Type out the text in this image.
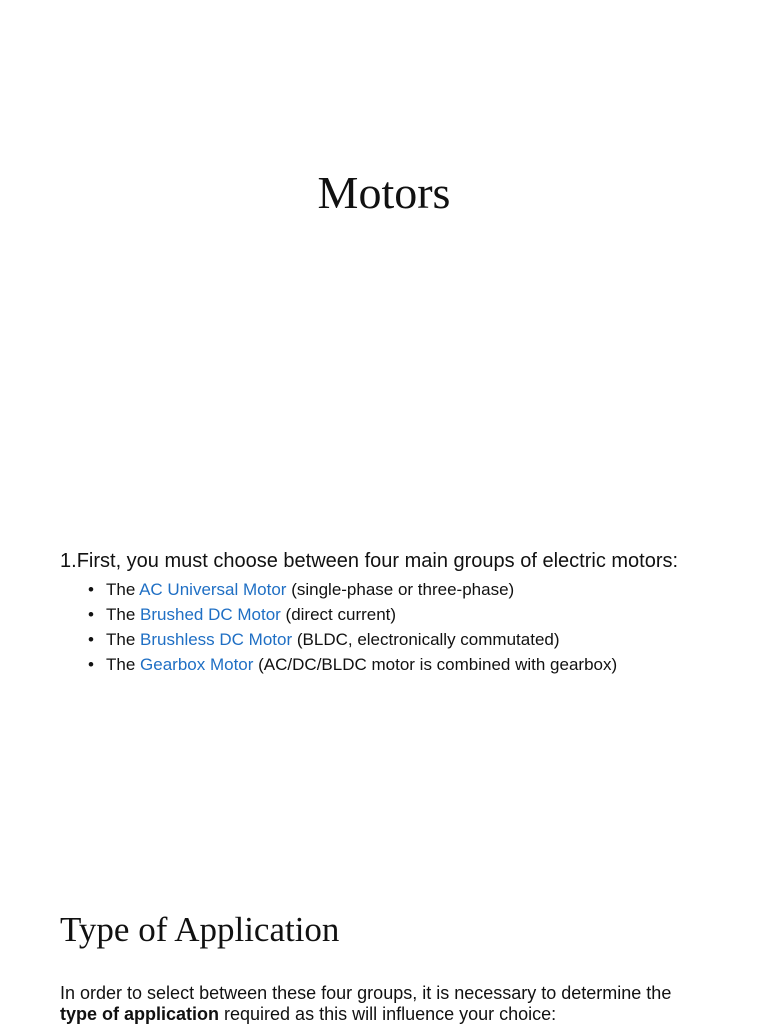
Motors

1.First, you must choose between four main groups of electric motors:

• The AC Universal Motor (single-phase or three-phase)
• The Brushed DC Motor (direct current)
• The Brushless DC Motor (BLDC, electronically commutated)
• The Gearbox Motor (AC/DC/BLDC motor is combined with gearbox)
Type of Application

In order to select between these four groups, it is necessary to determine the type of application required as this will influence your choice:
